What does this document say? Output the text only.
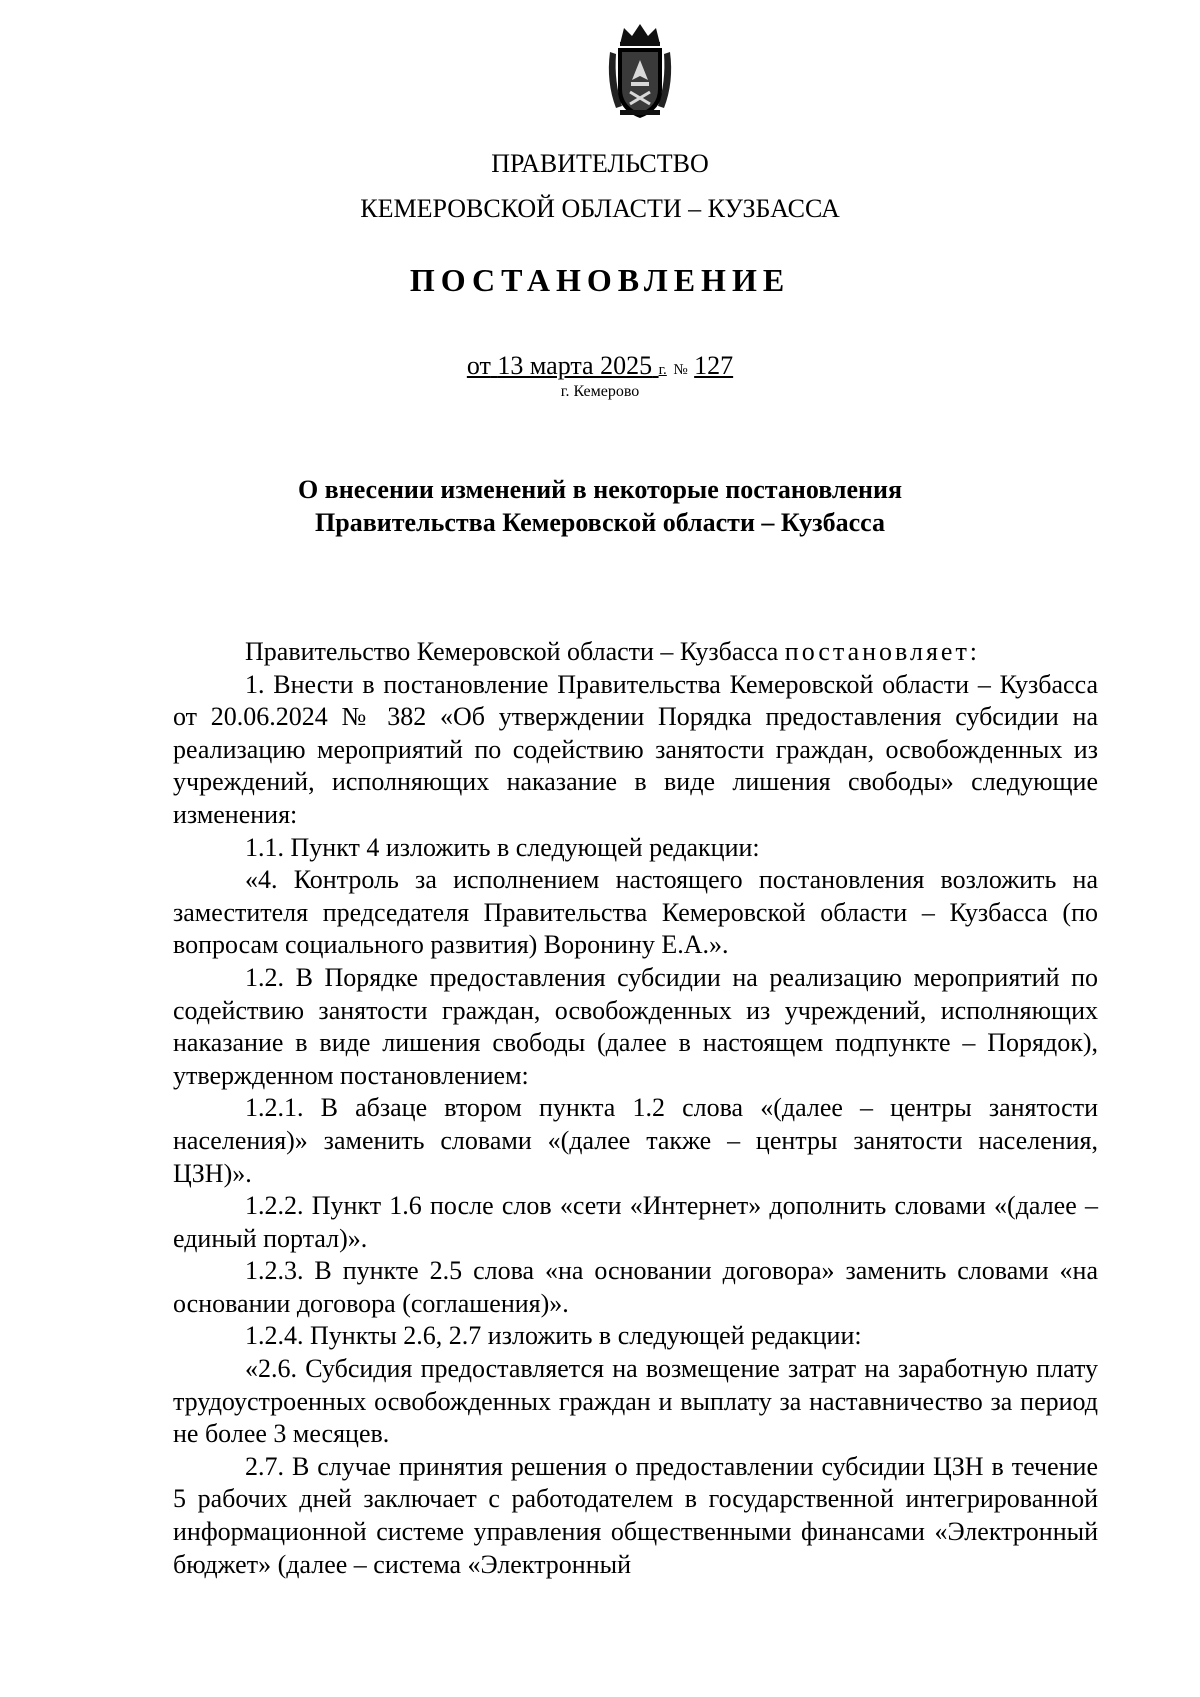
ПРАВИТЕЛЬСТВО
КЕМЕРОВСКОЙ ОБЛАСТИ – КУЗБАССА
ПОСТАНОВЛЕНИЕ
от 13 марта 2025 г. № 127
г. Кемерово
О внесении изменений в некоторые постановления
Правительства Кемеровской области – Кузбасса

Правительство Кемеровской области – Кузбасса постановляет:

1. Внести в постановление Правительства Кемеровской области – Кузбасса от 20.06.2024 № 382 «Об утверждении Порядка предоставления субсидии на реализацию мероприятий по содействию занятости граждан, освобожденных из учреждений, исполняющих наказание в виде лишения свободы» следующие изменения:

1.1. Пункт 4 изложить в следующей редакции:

«4. Контроль за исполнением настоящего постановления возложить на заместителя председателя Правительства Кемеровской области – Кузбасса (по вопросам социального развития) Воронину Е.А.».

1.2. В Порядке предоставления субсидии на реализацию мероприятий по содействию занятости граждан, освобожденных из учреждений, исполняющих наказание в виде лишения свободы (далее в настоящем подпункте – Порядок), утвержденном постановлением:

1.2.1. В абзаце втором пункта 1.2 слова «(далее – центры занятости населения)» заменить словами «(далее также – центры занятости населения, ЦЗН)».

1.2.2. Пункт 1.6 после слов «сети «Интернет» дополнить словами «(далее – единый портал)».

1.2.3. В пункте 2.5 слова «на основании договора» заменить словами «на основании договора (соглашения)».

1.2.4. Пункты 2.6, 2.7 изложить в следующей редакции:

«2.6. Субсидия предоставляется на возмещение затрат на заработную плату трудоустроенных освобожденных граждан и выплату за наставничество за период не более 3 месяцев.

2.7. В случае принятия решения о предоставлении субсидии ЦЗН в течение 5 рабочих дней заключает с работодателем в государственной интегрированной информационной системе управления общественными финансами «Электронный бюджет» (далее – система «Электронный
